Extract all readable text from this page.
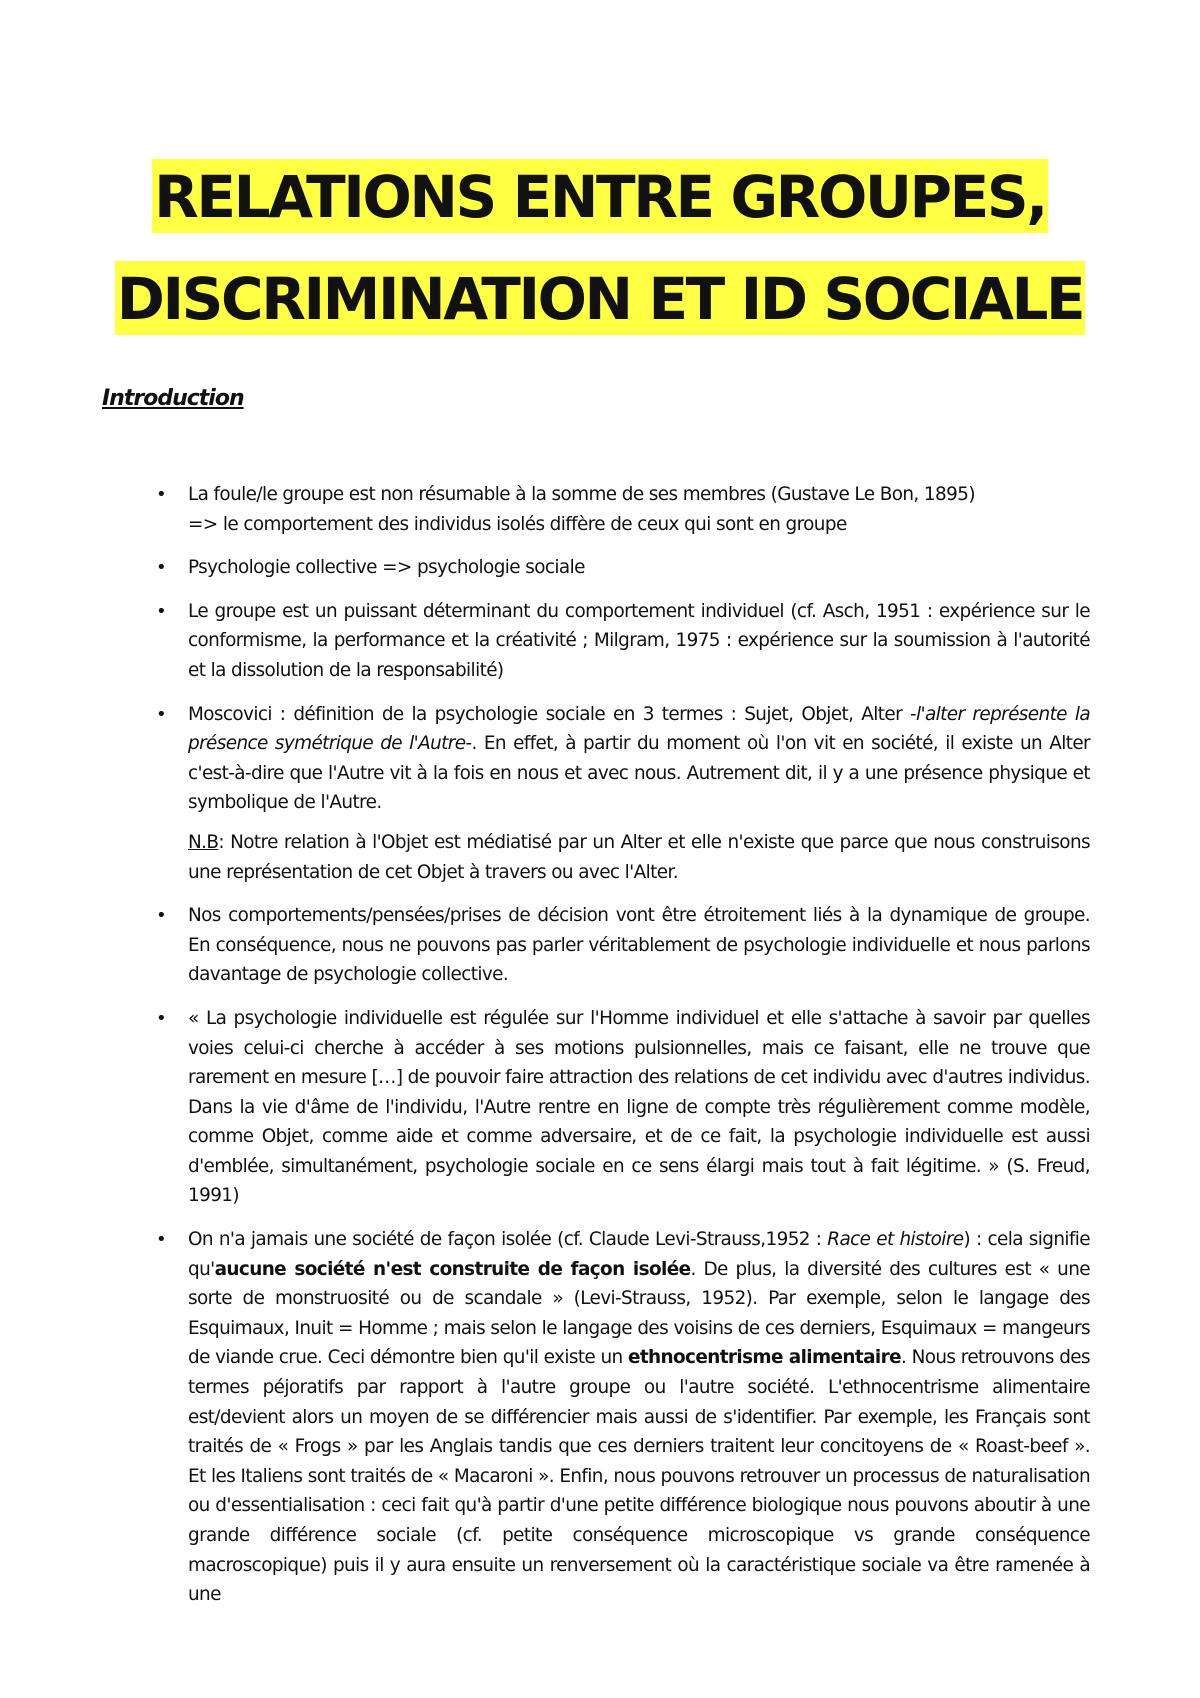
RELATIONS ENTRE GROUPES,
DISCRIMINATION ET ID SOCIALE
Introduction
• La foule/le groupe est non résumable à la somme de ses membres (Gustave Le Bon, 1895)
=> le comportement des individus isolés diffère de ceux qui sont en groupe
• Psychologie collective => psychologie sociale
• Le groupe est un puissant déterminant du comportement individuel (cf. Asch, 1951 : expérience sur le conformisme, la performance et la créativité ; Milgram, 1975 : expérience sur la soumission à l'autorité et la dissolution de la responsabilité)
• Moscovici : définition de la psychologie sociale en 3 termes : Sujet, Objet, Alter -l'alter représente la présence symétrique de l'Autre-. En effet, à partir du moment où l'on vit en société, il existe un Alter c'est-à-dire que l'Autre vit à la fois en nous et avec nous. Autrement dit, il y a une présence physique et symbolique de l'Autre.
N.B: Notre relation à l'Objet est médiatisé par un Alter et elle n'existe que parce que nous construisons une représentation de cet Objet à travers ou avec l'Alter.
• Nos comportements/pensées/prises de décision vont être étroitement liés à la dynamique de groupe. En conséquence, nous ne pouvons pas parler véritablement de psychologie individuelle et nous parlons davantage de psychologie collective.
• « La psychologie individuelle est régulée sur l'Homme individuel et elle s'attache à savoir par quelles voies celui-ci cherche à accéder à ses motions pulsionnelles, mais ce faisant, elle ne trouve que rarement en mesure […] de pouvoir faire attraction des relations de cet individu avec d'autres individus. Dans la vie d'âme de l'individu, l'Autre rentre en ligne de compte très régulièrement comme modèle, comme Objet, comme aide et comme adversaire, et de ce fait, la psychologie individuelle est aussi d'emblée, simultanément, psychologie sociale en ce sens élargi mais tout à fait légitime. » (S. Freud, 1991)
• On n'a jamais une société de façon isolée (cf. Claude Levi-Strauss,1952 : Race et histoire) : cela signifie qu'aucune société n'est construite de façon isolée. De plus, la diversité des cultures est « une sorte de monstruosité ou de scandale » (Levi-Strauss, 1952). Par exemple, selon le langage des Esquimaux, Inuit = Homme ; mais selon le langage des voisins de ces derniers, Esquimaux = mangeurs de viande crue. Ceci démontre bien qu'il existe un ethnocentrisme alimentaire. Nous retrouvons des termes péjoratifs par rapport à l'autre groupe ou l'autre société. L'ethnocentrisme alimentaire est/devient alors un moyen de se différencier mais aussi de s'identifier. Par exemple, les Français sont traités de « Frogs » par les Anglais tandis que ces derniers traitent leur concitoyens de « Roast-beef ». Et les Italiens sont traités de « Macaroni ». Enfin, nous pouvons retrouver un processus de naturalisation ou d'essentialisation : ceci fait qu'à partir d'une petite différence biologique nous pouvons aboutir à une grande différence sociale (cf. petite conséquence microscopique vs grande conséquence macroscopique) puis il y aura ensuite un renversement où la caractéristique sociale va être ramenée à une
